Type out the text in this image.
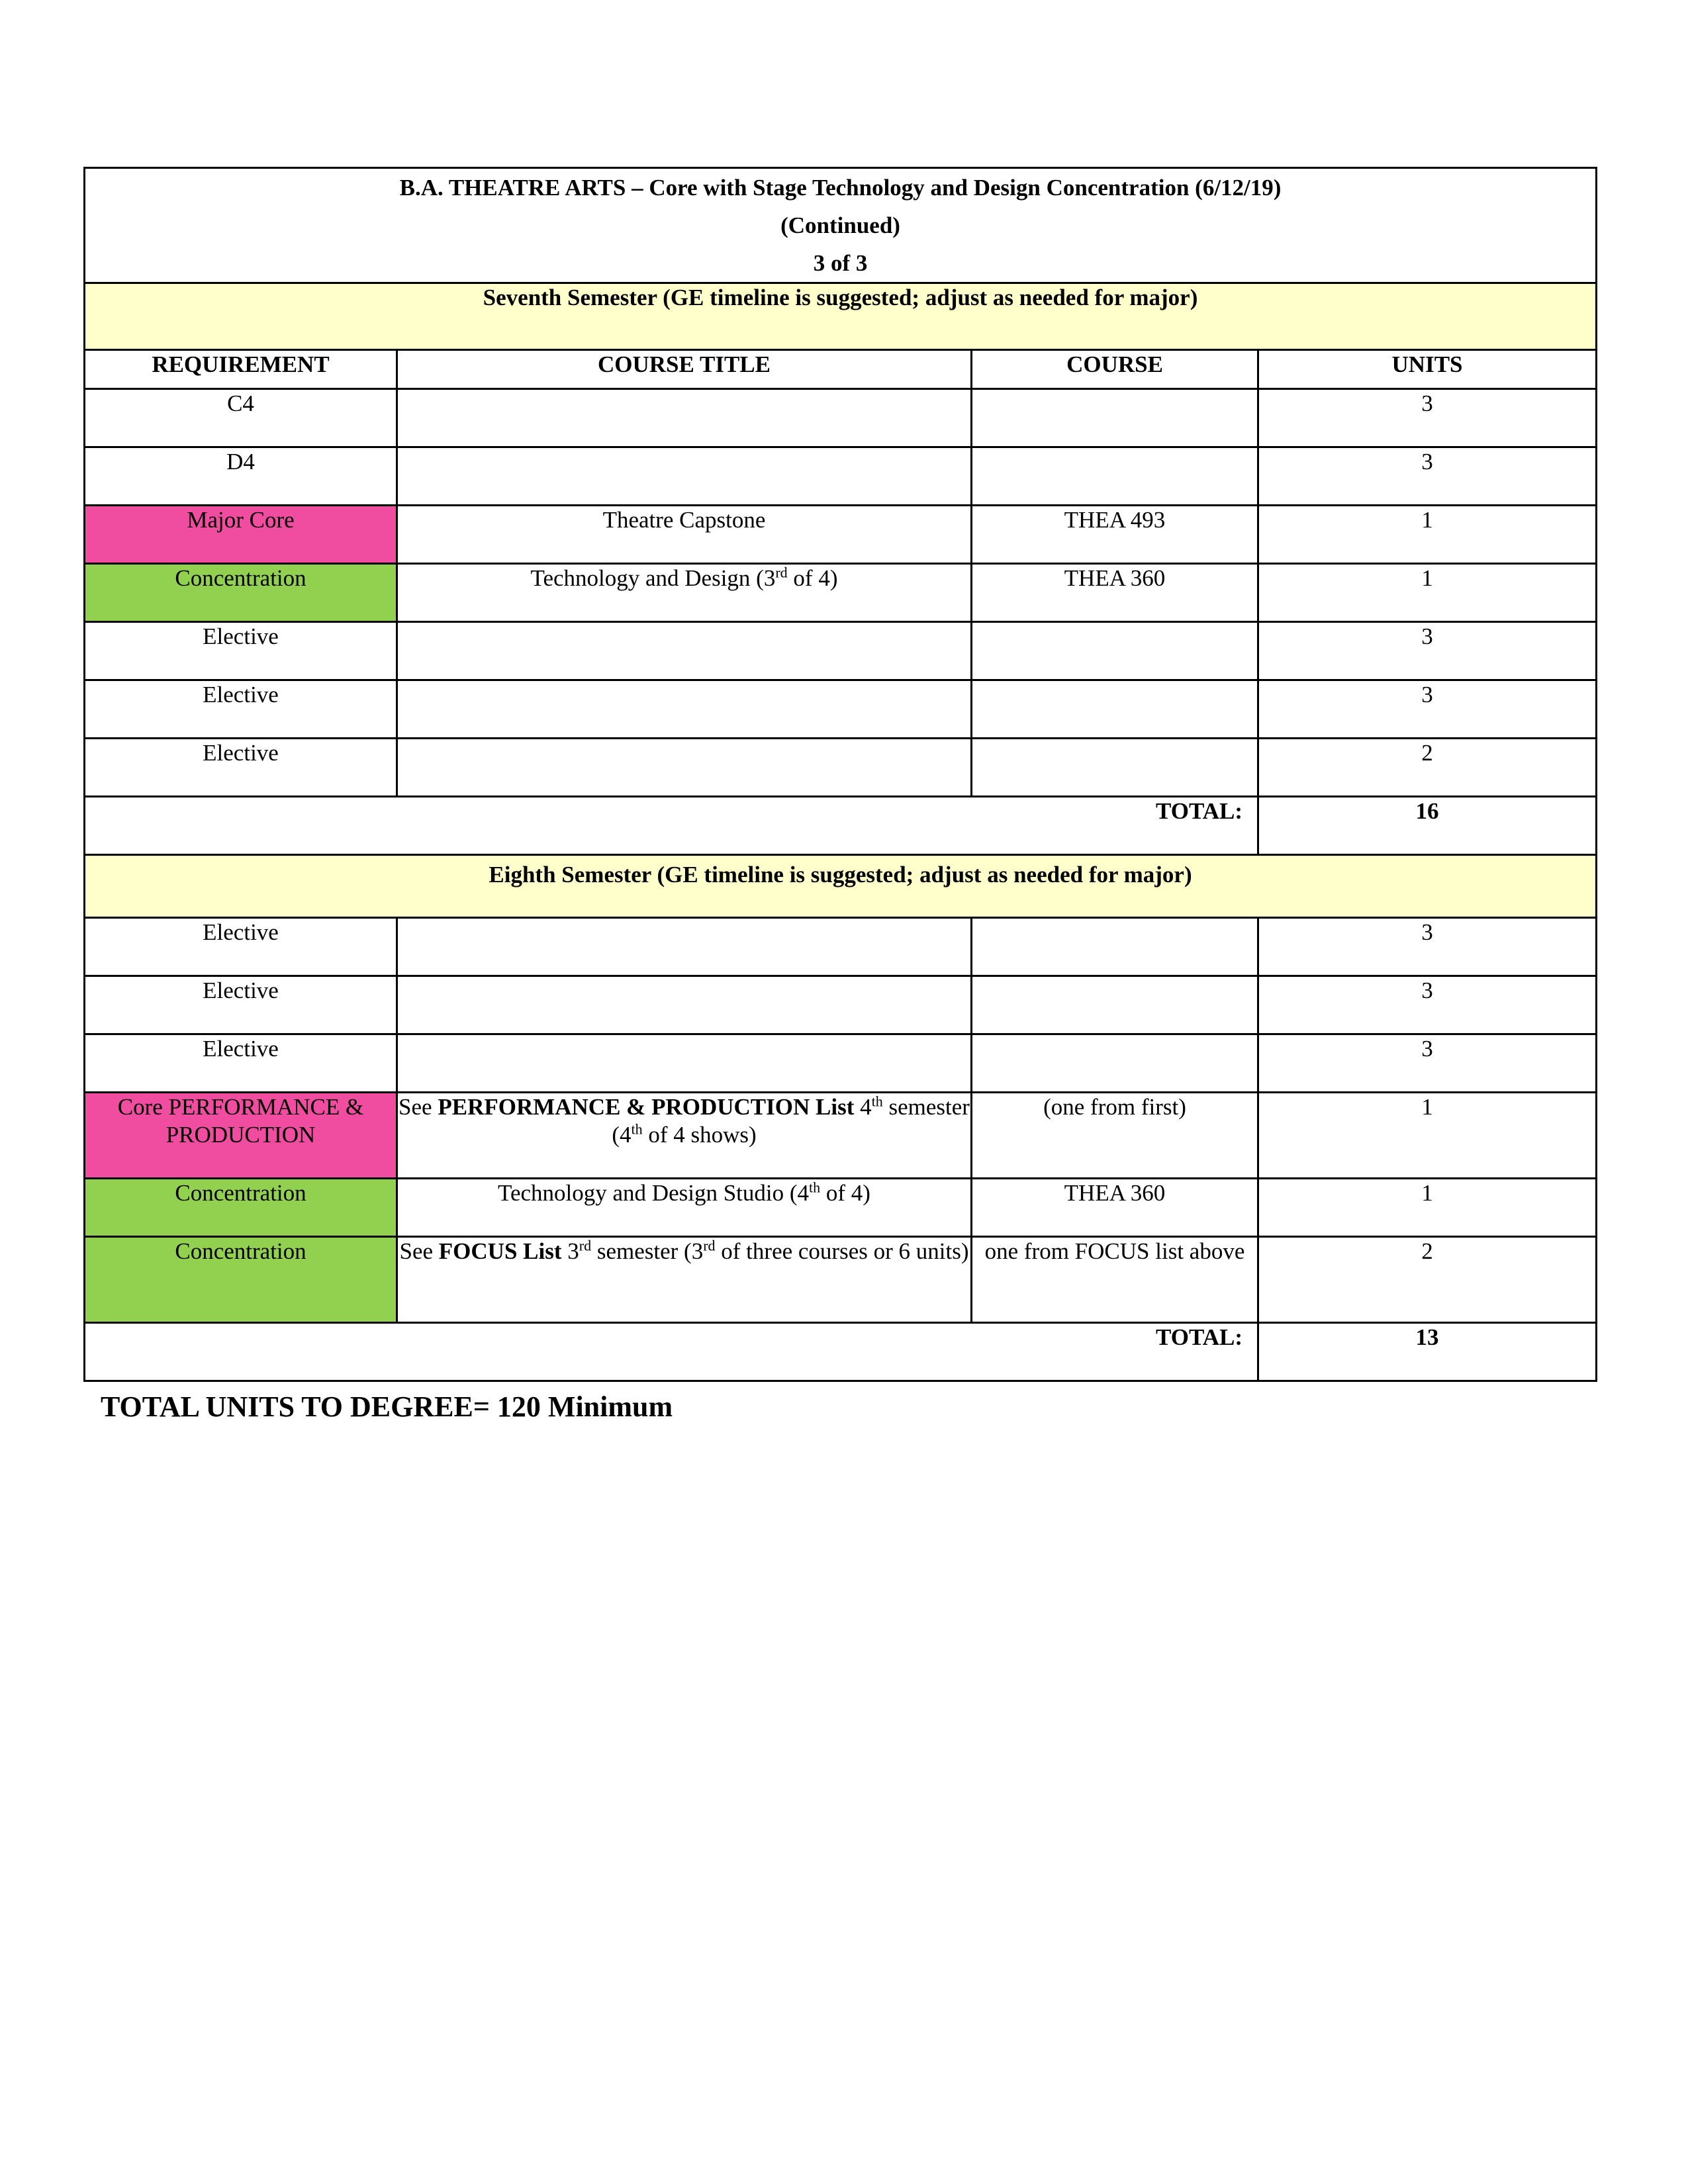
B.A. THEATRE ARTS – Core with Stage Technology and Design Concentration (6/12/19)
(Continued)
3 of 3			

Seventh Semester (GE timeline is suggested; adjust as needed for major)			
REQUIREMENT	COURSE TITLE	COURSE	UNITS
C4			3
D4			3
Major Core	Theatre Capstone	THEA 493	1
Concentration	Technology and Design (3rd of 4)	THEA 360	1
Elective			3
Elective			3
Elective			2
TOTAL:			16
Eighth Semester (GE timeline is suggested; adjust as needed for major)			
Elective			3
Elective			3
Elective			3
Core PERFORMANCE & PRODUCTION	See PERFORMANCE & PRODUCTION List 4th semester (4th of 4 shows)	(one from first)	1
Concentration	Technology and Design Studio (4th of 4)	THEA 360	1
Concentration	See FOCUS List 3rd semester (3rd of three courses or 6 units)	one from FOCUS list above	2
TOTAL:			13
TOTAL UNITS TO DEGREE= 120 Minimum
